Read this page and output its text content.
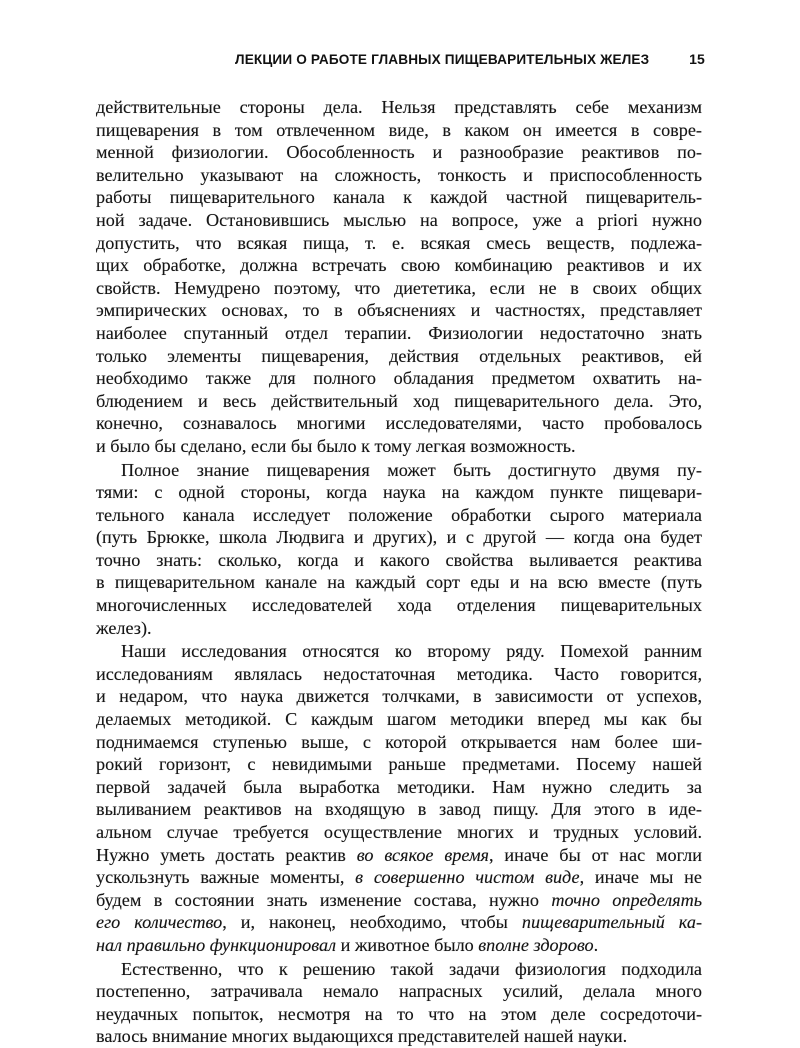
ЛЕКЦИИ О РАБОТЕ ГЛАВНЫХ ПИЩЕВАРИТЕЛЬНЫХ ЖЕЛЕЗ	15

действительные стороны дела. Нельзя представлять себе механизм
пищеварения в том отвлеченном виде, в каком он имеется в совре-
менной физиологии. Обособленность и разнообразие реактивов по-
велительно указывают на сложность, тонкость и приспособленность
работы пищеварительного канала к каждой частной пищеваритель-
ной задаче. Остановившись мыслью на вопросе, уже a priori нужно
допустить, что всякая пища, т. е. всякая смесь веществ, подлежа-
щих обработке, должна встречать свою комбинацию реактивов и их
свойств. Немудрено поэтому, что диететика, если не в своих общих
эмпирических основах, то в объяснениях и частностях, представляет
наиболее спутанный отдел терапии. Физиологии недостаточно знать
только элементы пищеварения, действия отдельных реактивов, ей
необходимо также для полного обладания предметом охватить на-
блюдением и весь действительный ход пищеварительного дела. Это,
конечно, сознавалось многими исследователями, часто пробовалось
и было бы сделано, если бы было к тому легкая возможность.

Полное знание пищеварения может быть достигнуто двумя пу-
тями: с одной стороны, когда наука на каждом пункте пищевари-
тельного канала исследует положение обработки сырого материала
(путь Брюкке, школа Людвига и других), и с другой — когда она будет
точно знать: сколько, когда и какого свойства выливается реактива
в пищеварительном канале на каждый сорт еды и на всю вместе (путь
многочисленных исследователей хода отделения пищеварительных
желез).

Наши исследования относятся ко второму ряду. Помехой ранним
исследованиям являлась недостаточная методика. Часто говорится,
и недаром, что наука движется толчками, в зависимости от успехов,
делаемых методикой. С каждым шагом методики вперед мы как бы
поднимаемся ступенью выше, с которой открывается нам более ши-
рокий горизонт, с невидимыми раньше предметами. Посему нашей
первой задачей была выработка методики. Нам нужно следить за
выливанием реактивов на входящую в завод пищу. Для этого в иде-
альном случае требуется осуществление многих и трудных условий.
Нужно уметь достать реактив во всякое время, иначе бы от нас могли
ускользнуть важные моменты, в совершенно чистом виде, иначе мы не
будем в состоянии знать изменение состава, нужно точно определять
его количество, и, наконец, необходимо, чтобы пищеварительный ка-
нал правильно функционировал и животное было вполне здорово.

Естественно, что к решению такой задачи физиология подходила
постепенно, затрачивала немало напрасных усилий, делала много
неудачных попыток, несмотря на то что на этом деле сосредоточи-
валось внимание многих выдающихся представителей нашей науки.
